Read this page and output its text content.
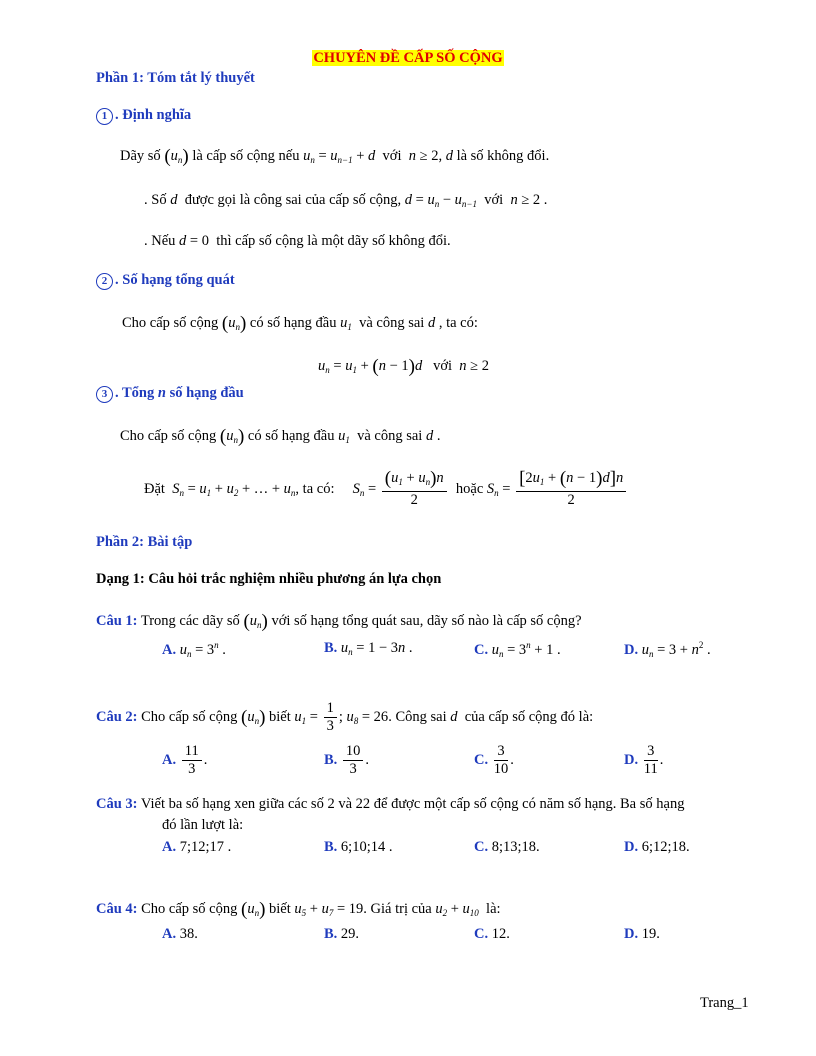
CHUYÊN ĐỀ CẤP SỐ CỘNG
Phần 1: Tóm tắt lý thuyết
1 . Định nghĩa
Dãy số $(u_n)$ là cấp số cộng nếu $u_n = u_{n-1} + d$ với n ≥ 2, d là số không đổi.
. Số d được gọi là công sai của cấp số cộng, $d = u_n - u_{n-1}$ với n ≥ 2 .
. Nếu d = 0  thì cấp số cộng là một dãy số không đổi.
2 . Số hạng tổng quát
Cho cấp số cộng $(u_n)$ có số hạng đầu $u_1$ và công sai d , ta có:
$u_n = u_1 + (n - 1)d$ với n ≥ 2
3 . Tổng n số hạng đầu
Cho cấp số cộng $(u_n)$ có số hạng đầu $u_1$ và công sai d .
Đặt $S_n = u_1 + u_2$ + … + $u_n$, ta có: $S_n = \frac{(u_1 + u_n)n}{2}$ hoặc $S_n = \frac{[2u_1 + (n - 1)d]n}{2}$
Phần 2: Bài tập
Dạng 1: Câu hỏi trắc nghiệm nhiều phương án lựa chọn
Câu 1: Trong các dãy số $(u_n)$ với số hạng tổng quát sau, dãy số nào là cấp số cộng?
A. $u_n = 3^n$ .	B. $u_n = 1 - 3n$ .	C. $u_n = 3^n + 1$ .	D. $u_n = 3 + n^2$ .
Câu 2: Cho cấp số cộng $(u_n)$ biết $u_1 = \frac{1}{3}$ ; $u_8 = 26$. Công sai d của cấp số cộng đó là:
A. $\frac{11}{3}$ .	B. $\frac{10}{3}$ .	C. $\frac{3}{10}$ .	D. $\frac{3}{11}$ .
Câu 3: Viết ba số hạng xen giữa các số 2 và 22 để được một cấp số cộng có năm số hạng. Ba số hạng
đó lần lượt là:
A. 7;12;17 .	B. 6;10;14 .	C. 8;13;18.	D. 6;12;18.
Câu 4: Cho cấp số cộng $(u_n)$ biết $u_5 + u_7 = 19$. Giá trị của $u_2 + u_{10}$ là:
A. 38.	B. 29.	C. 12.	D. 19.
Trang_1
